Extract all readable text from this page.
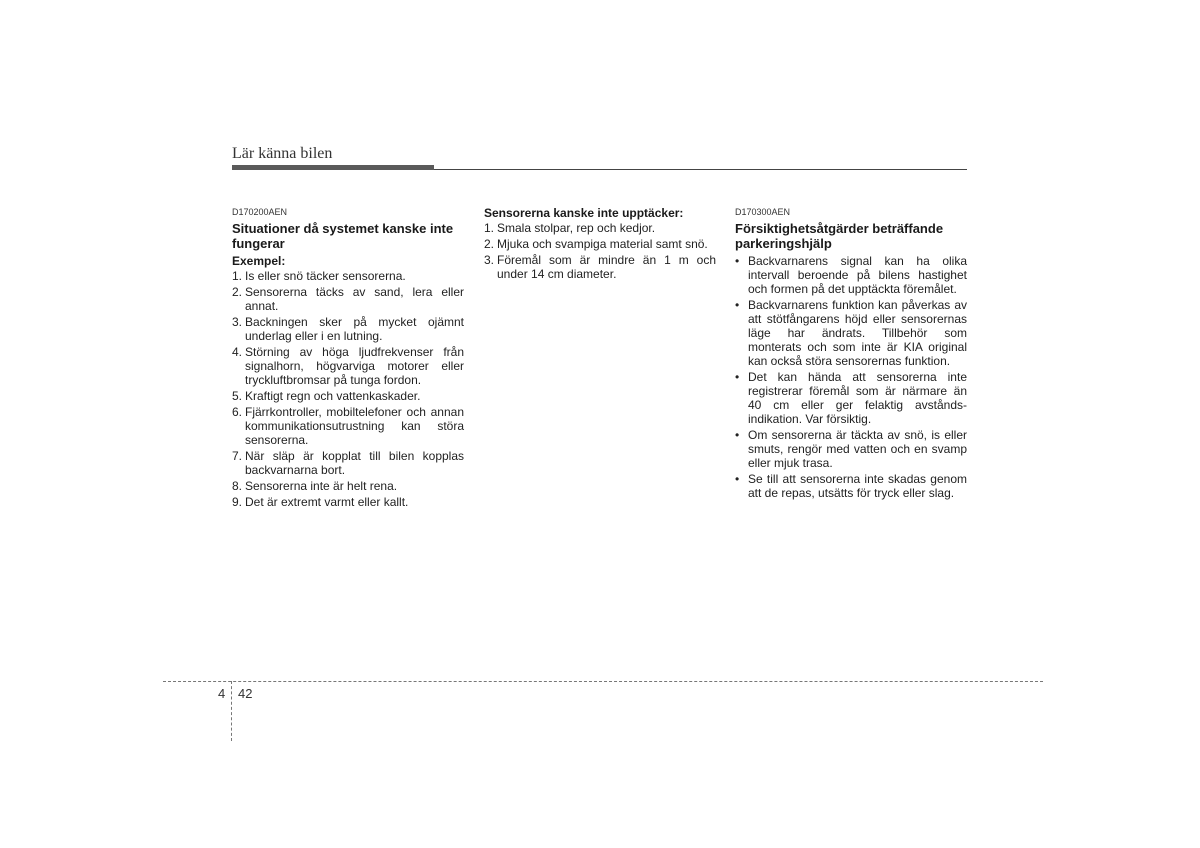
Lär känna bilen
D170200AEN
Situationer då systemet kanske inte fungerar
Exempel:
1. Is eller snö täcker sensorerna.
2. Sensorerna täcks av sand, lera eller annat.
3. Backningen sker på mycket ojämnt underlag eller i en lutning.
4. Störning av höga ljudfrekvenser från signalhorn, högvarviga motorer eller tryckluftbromsar på tunga fordon.
5. Kraftigt regn och vattenkaskader.
6. Fjärrkontroller, mobiltelefoner och annan kommunikationsutrustning kan störa sensorerna.
7. När släp är kopplat till bilen kopplas backvarnarna bort.
8. Sensorerna inte är helt rena.
9. Det är extremt varmt eller kallt.
Sensorerna kanske inte upptäcker:
1. Smala stolpar, rep och kedjor.
2. Mjuka och svampiga material samt snö.
3. Föremål som är mindre än 1 m och under 14 cm diameter.
D170300AEN
Försiktighetsåtgärder beträffande parkeringshjälp
• Backvarnarens signal kan ha olika intervall beroende på bilens hastighet och formen på det upptäckta föremålet.
• Backvarnarens funktion kan påverkas av att stötfångarens höjd eller sensorernas läge har ändrats. Tillbehör som monterats och som inte är KIA original kan också störa sensorernas funktion.
• Det kan hända att sensorerna inte registrerar föremål som är närmare än 40 cm eller ger felaktig avstånds-indikation. Var försiktig.
• Om sensorerna är täckta av snö, is eller smuts, rengör med vatten och en svamp eller mjuk trasa.
• Se till att sensorerna inte skadas genom att de repas, utsätts för tryck eller slag.
4 42
